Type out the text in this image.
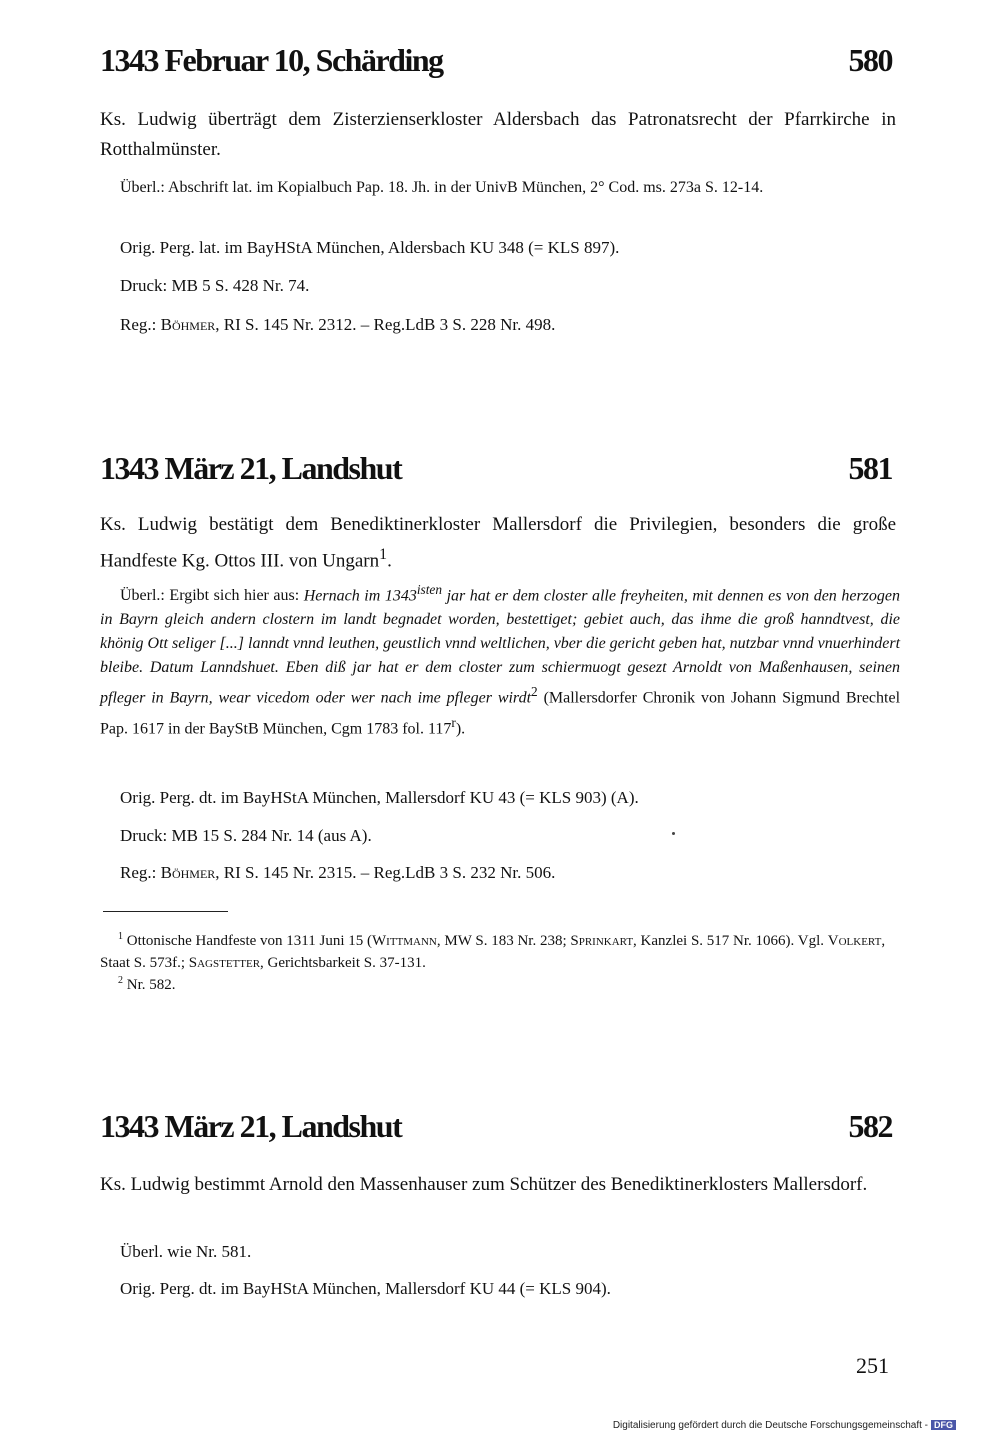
1343 Februar 10, Schärding	580
Ks. Ludwig überträgt dem Zisterzienserkloster Aldersbach das Patronatsrecht der Pfarrkirche in Rotthalmünster.
Überl.: Abschrift lat. im Kopialbuch Pap. 18. Jh. in der UnivB München, 2° Cod. ms. 273a S. 12-14.
Orig. Perg. lat. im BayHStA München, Aldersbach KU 348 (= KLS 897).
Druck: MB 5 S. 428 Nr. 74.
Reg.: Böhmer, RI S. 145 Nr. 2312. – Reg.LdB 3 S. 228 Nr. 498.
1343 März 21, Landshut	581
Ks. Ludwig bestätigt dem Benediktinerkloster Mallersdorf die Privilegien, besonders die große Handfeste Kg. Ottos III. von Ungarn$^1$.
Überl.: Ergibt sich hier aus: Hernach im $1343^{isten}$ jar hat er dem closter alle freyheiten, mit dennen es von den herzogen in Bayrn gleich andern clostern im landt begnadet worden, bestettiget; gebiet auch, das ihme die groß hanndtvest, die khönig Ott seliger [...] lanndt vnnd leuthen, geustlich vnnd weltlichen, vber die gericht geben hat, nutzbar vnnd vnuerhindert bleibe. Datum Lanndshuet. Eben diß jar hat er dem closter zum schiermuogt gesezt Arnoldt von Maßenhausen, seinen pfleger in Bayrn, wear vicedom oder wer nach ime pfleger wirdt$^2$ (Mallersdorfer Chronik von Johann Sigmund Brechtel Pap. 1617 in der BayStB München, Cgm 1783 fol. 117$^r$).
Orig. Perg. dt. im BayHStA München, Mallersdorf KU 43 (= KLS 903) (A).
Druck: MB 15 S. 284 Nr. 14 (aus A).
Reg.: Böhmer, RI S. 145 Nr. 2315. – Reg.LdB 3 S. 232 Nr. 506.
$^1$ Ottonische Handfeste von 1311 Juni 15 (Wittmann, MW S. 183 Nr. 238; Sprinkart, Kanzlei S. 517 Nr. 1066). Vgl. Volkert, Staat S. 573f.; Sagstetter, Gerichtsbarkeit S. 37-131.
$^2$ Nr. 582.
1343 März 21, Landshut	582
Ks. Ludwig bestimmt Arnold den Massenhauser zum Schützer des Benediktinerklosters Mallersdorf.
Überl. wie Nr. 581.
Orig. Perg. dt. im BayHStA München, Mallersdorf KU 44 (= KLS 904).
251
Digitalisierung gefördert durch die Deutsche Forschungsgemeinschaft - DFG
